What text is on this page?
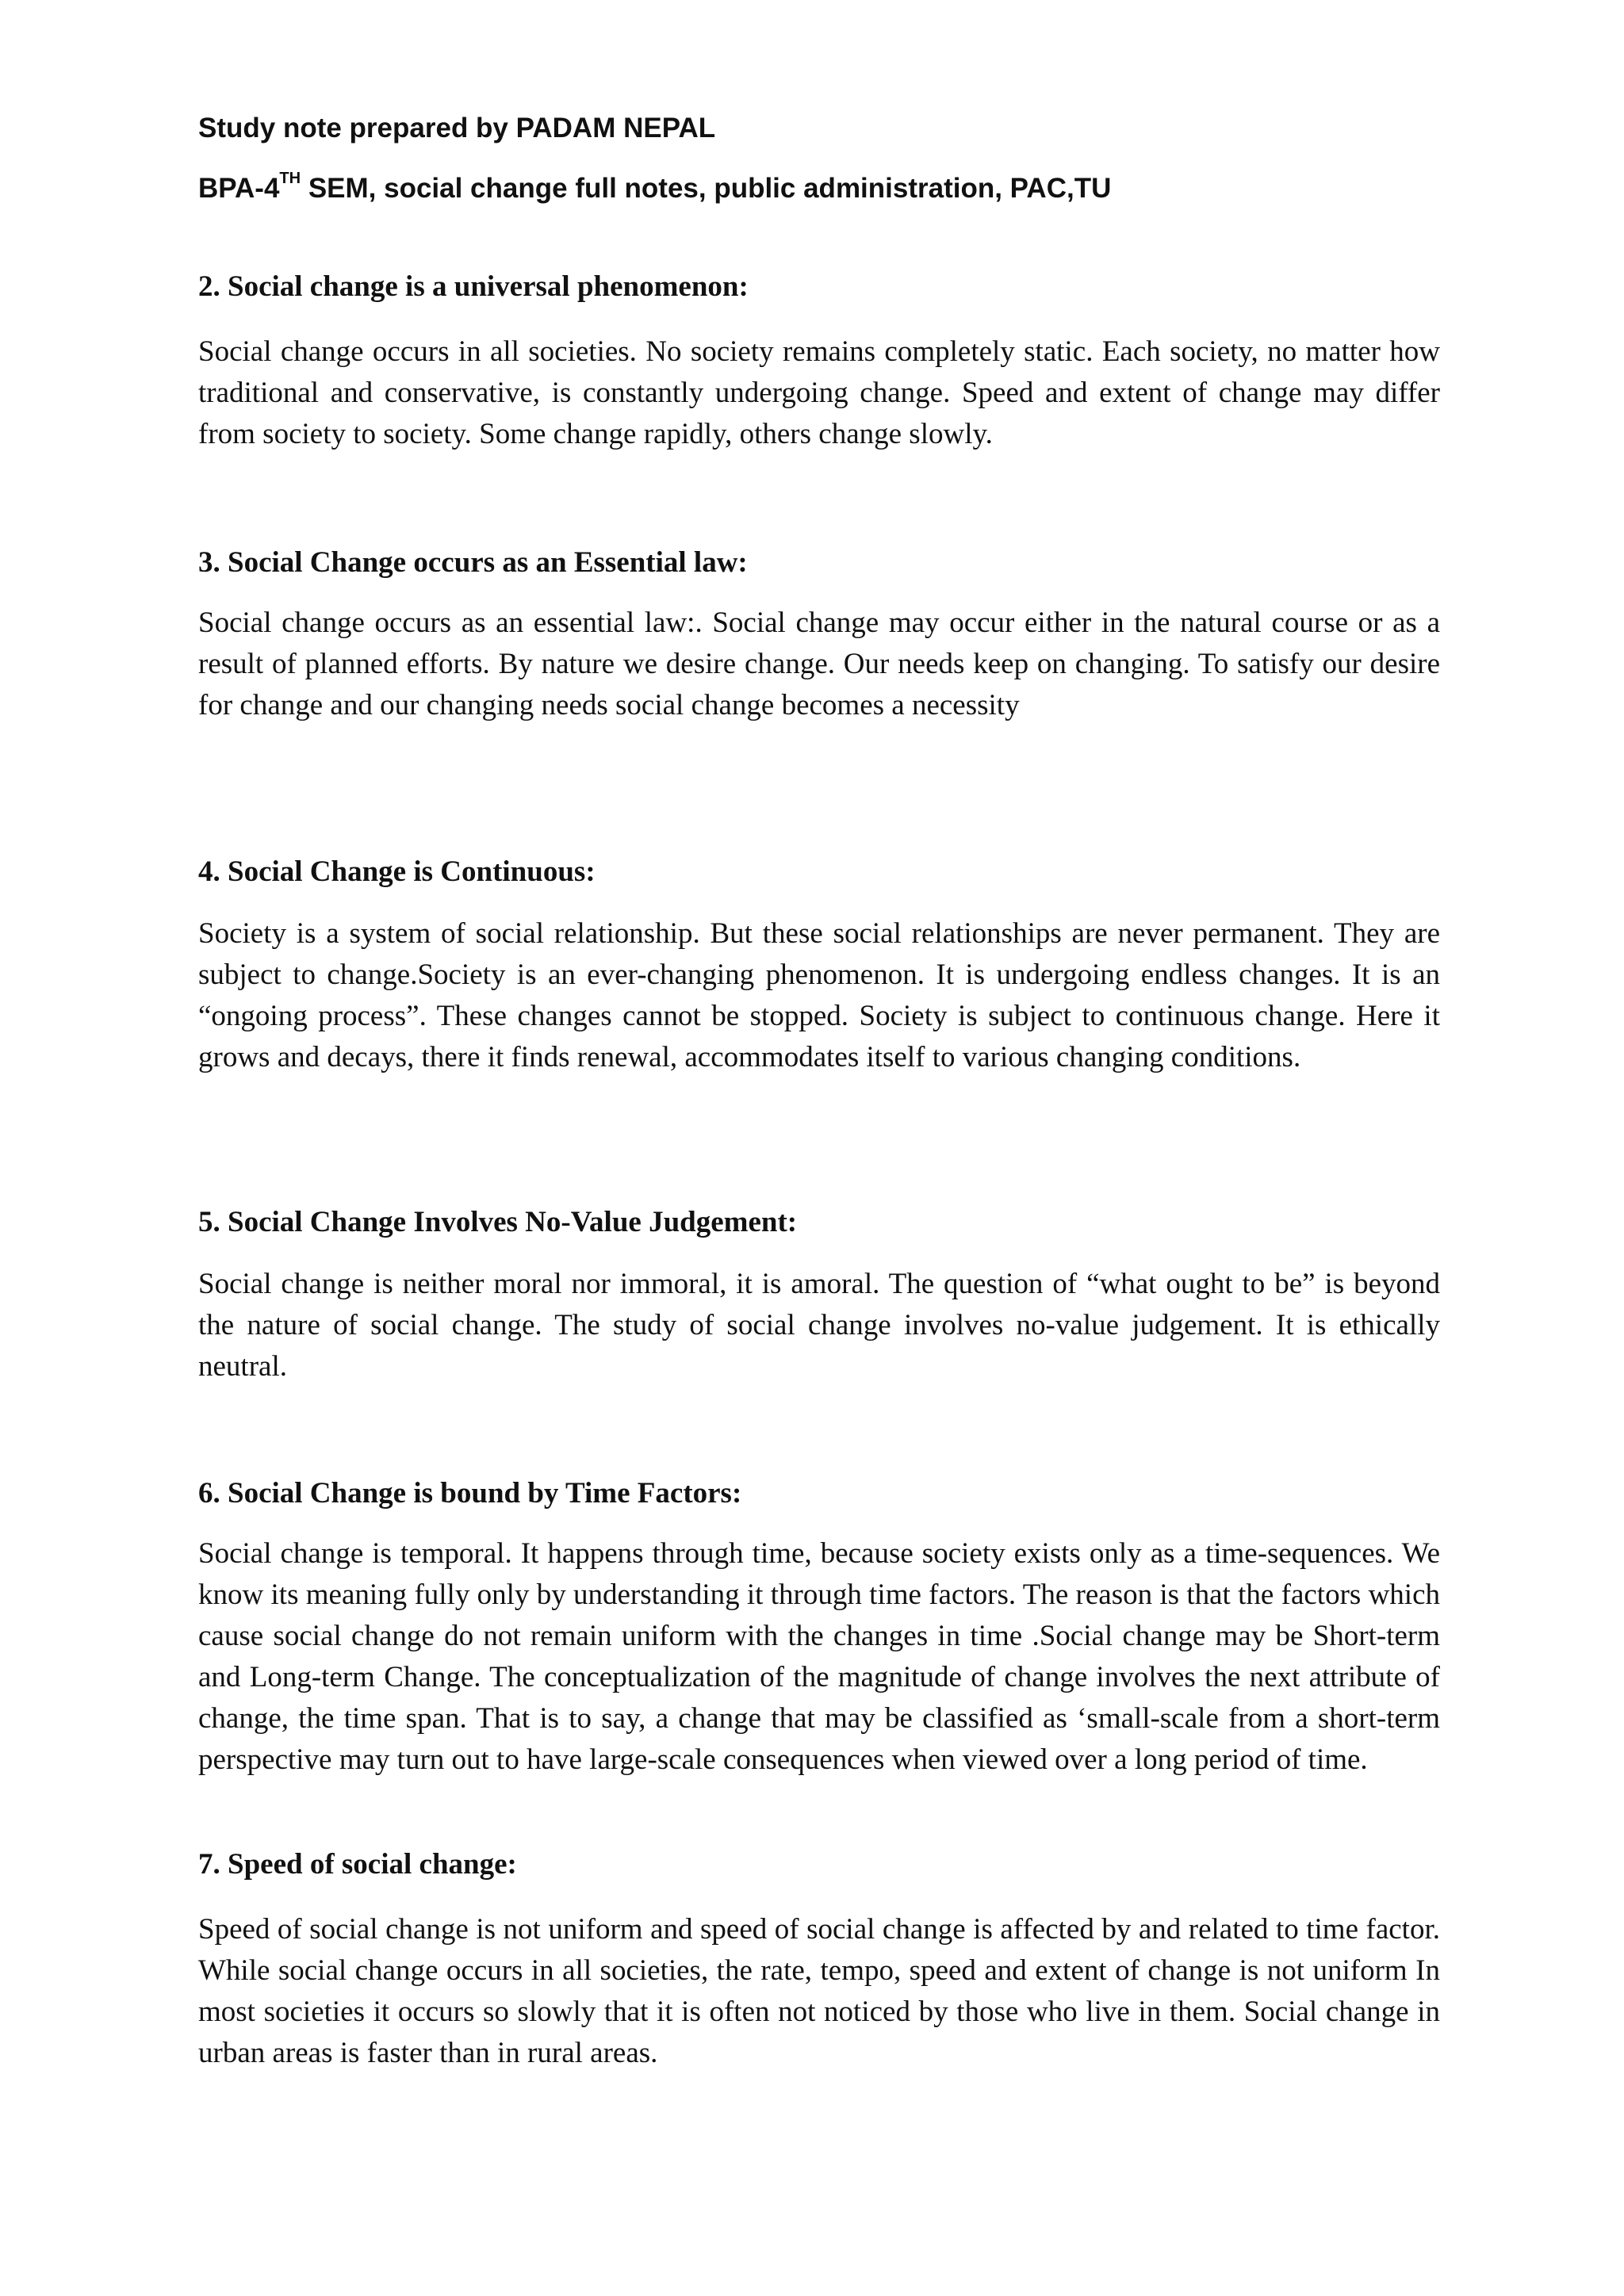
Study note prepared by PADAM NEPAL
BPA-4TH SEM, social change full notes, public administration, PAC,TU
2. Social change is a universal phenomenon:
Social change occurs in all societies. No society remains completely static. Each society, no matter how traditional and conservative, is constantly undergoing change. Speed and extent of change may differ from society to society. Some change rapidly, others change slowly.
3. Social Change occurs as an Essential law:
Social change occurs as an essential law:. Social change may occur either in the natural course or as a result of planned efforts. By nature we desire change. Our needs keep on changing. To satisfy our desire for change and our changing needs social change becomes a necessity
4. Social Change is Continuous:
Society is a system of social relationship. But these social relationships are never permanent. They are subject to change.Society is an ever-changing phenomenon. It is undergoing endless changes. It is an “ongoing process”. These changes cannot be stopped. Society is subject to continuous change. Here it grows and decays, there it finds renewal, accommodates itself to various changing conditions.
5. Social Change Involves No-Value Judgement:
Social change is neither moral nor immoral, it is amoral. The question of “what ought to be” is beyond the nature of social change. The study of social change involves no-value judgement. It is ethically neutral.
6. Social Change is bound by Time Factors:
Social change is temporal. It happens through time, because society exists only as a time-sequences. We know its meaning fully only by understanding it through time factors. The reason is that the factors which cause social change do not remain uniform with the changes in time .Social change may be Short-term and Long-term Change. The conceptualization of the magnitude of change involves the next attribute of change, the time span. That is to say, a change that may be classified as ‘small-scale from a short-term perspective may turn out to have large-scale consequences when viewed over a long period of time.
7. Speed of social change:
Speed of social change is not uniform and speed of social change is affected by and related to time factor. While social change occurs in all societies, the rate, tempo, speed and extent of change is not uniform In most societies it occurs so slowly that it is often not noticed by those who live in them. Social change in urban areas is faster than in rural areas.
